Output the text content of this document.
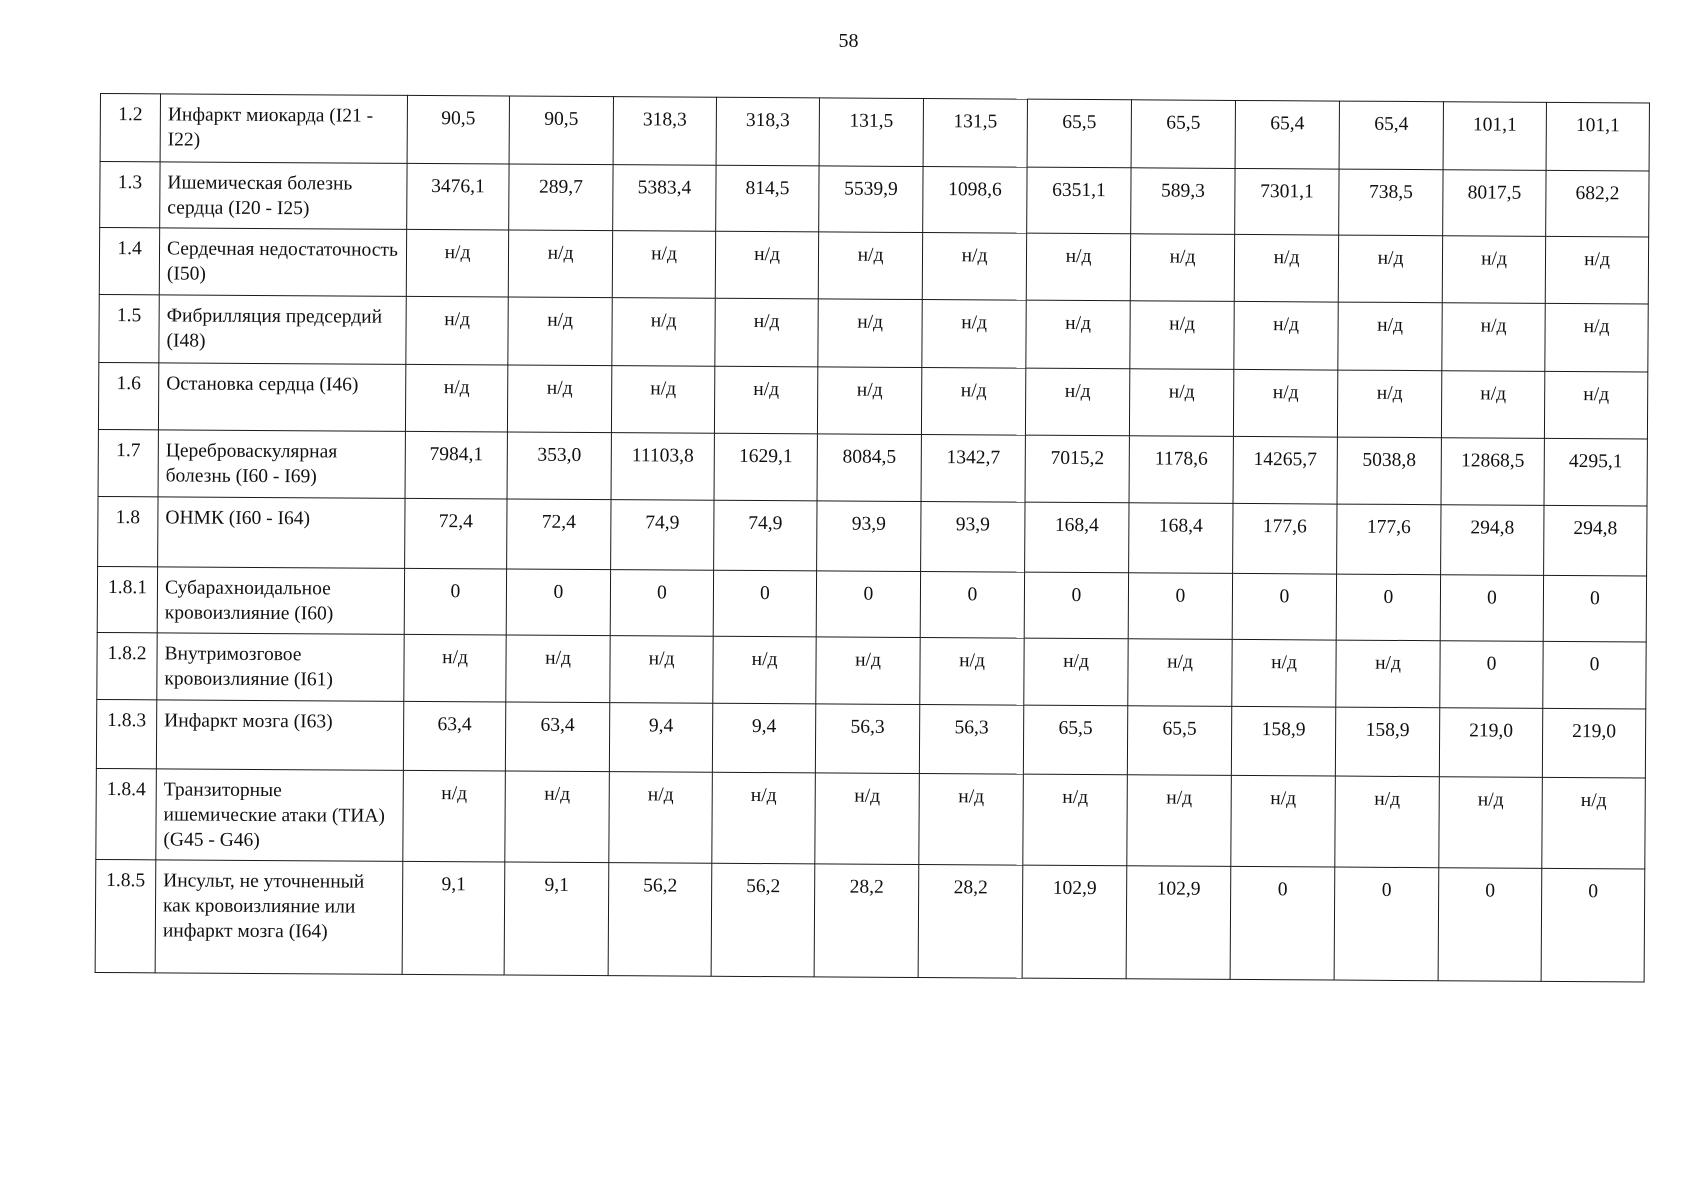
58
1.2	Инфаркт миокарда (I21 - I22)	90,5	90,5	318,3	318,3	131,5	131,5	65,5	65,5	65,4	65,4	101,1	101,1
1.3	Ишемическая болезнь сердца (I20 - I25)	3476,1	289,7	5383,4	814,5	5539,9	1098,6	6351,1	589,3	7301,1	738,5	8017,5	682,2
1.4	Сердечная недостаточность (I50)	н/д	н/д	н/д	н/д	н/д	н/д	н/д	н/д	н/д	н/д	н/д	н/д
1.5	Фибрилляция предсердий (I48)	н/д	н/д	н/д	н/д	н/д	н/д	н/д	н/д	н/д	н/д	н/д	н/д
1.6	Остановка сердца (I46)	н/д	н/д	н/д	н/д	н/д	н/д	н/д	н/д	н/д	н/д	н/д	н/д
1.7	Цереброваскулярная болезнь (I60 - I69)	7984,1	353,0	11103,8	1629,1	8084,5	1342,7	7015,2	1178,6	14265,7	5038,8	12868,5	4295,1
1.8	ОНМК (I60 - I64)	72,4	72,4	74,9	74,9	93,9	93,9	168,4	168,4	177,6	177,6	294,8	294,8
1.8.1	Субарахноидальное кровоизлияние (I60)	0	0	0	0	0	0	0	0	0	0	0	0
1.8.2	Внутримозговое кровоизлияние (I61)	н/д	н/д	н/д	н/д	н/д	н/д	н/д	н/д	н/д	н/д	0	0
1.8.3	Инфаркт мозга (I63)	63,4	63,4	9,4	9,4	56,3	56,3	65,5	65,5	158,9	158,9	219,0	219,0
1.8.4	Транзиторные ишемические атаки (ТИА) (G45 - G46)	н/д	н/д	н/д	н/д	н/д	н/д	н/д	н/д	н/д	н/д	н/д	н/д
1.8.5	Инсульт, не уточненный как кровоизлияние или инфаркт мозга (I64)	9,1	9,1	56,2	56,2	28,2	28,2	102,9	102,9	0	0	0	0
